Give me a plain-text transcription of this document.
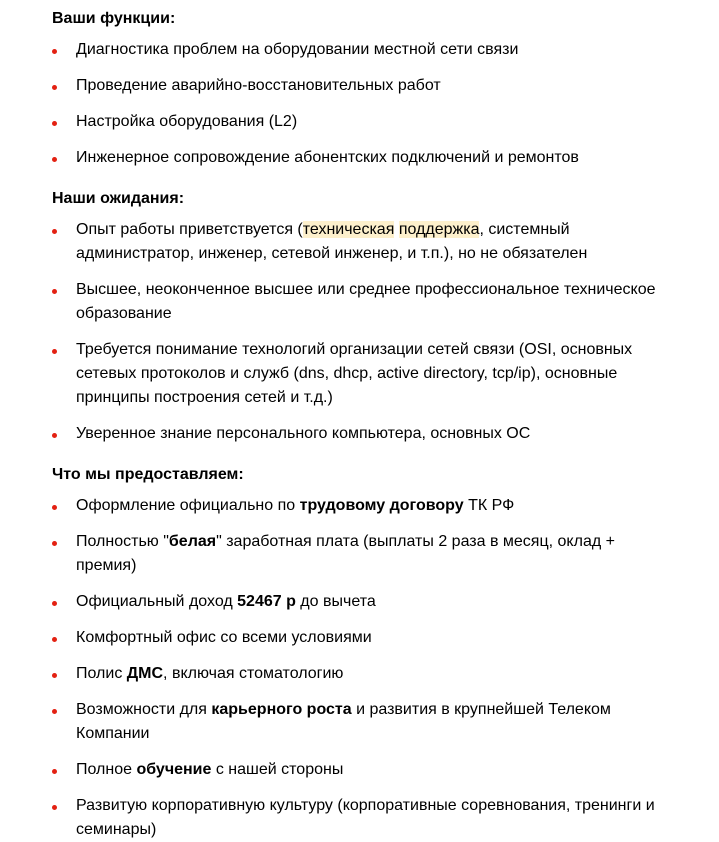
Ваши функции:
Диагностика проблем на оборудовании местной сети связи
Проведение аварийно-восстановительных работ
Настройка оборудования (L2)
Инженерное сопровождение абонентских подключений и ремонтов
Наши ожидания:
Опыт работы приветствуется (техническая поддержка, системный администратор, инженер, сетевой инженер, и т.п.), но не обязателен
Высшее, неоконченное высшее или среднее профессиональное техническое образование
Требуется понимание технологий организации сетей связи (OSI, основных сетевых протоколов и служб (dns, dhcp, active directory, tcp/ip), основные принципы построения сетей и т.д.)
Уверенное знание персонального компьютера, основных ОС
Что мы предоставляем:
Оформление официально по трудовому договору ТК РФ
Полностью "белая" заработная плата (выплаты 2 раза в месяц, оклад + премия)
Официальный доход 52467 р до вычета
Комфортный офис со всеми условиями
Полис ДМС, включая стоматологию
Возможности для карьерного роста и развития в крупнейшей Телеком Компании
Полное обучение с нашей стороны
Развитую корпоративную культуру (корпоративные соревнования, тренинги и семинары)
